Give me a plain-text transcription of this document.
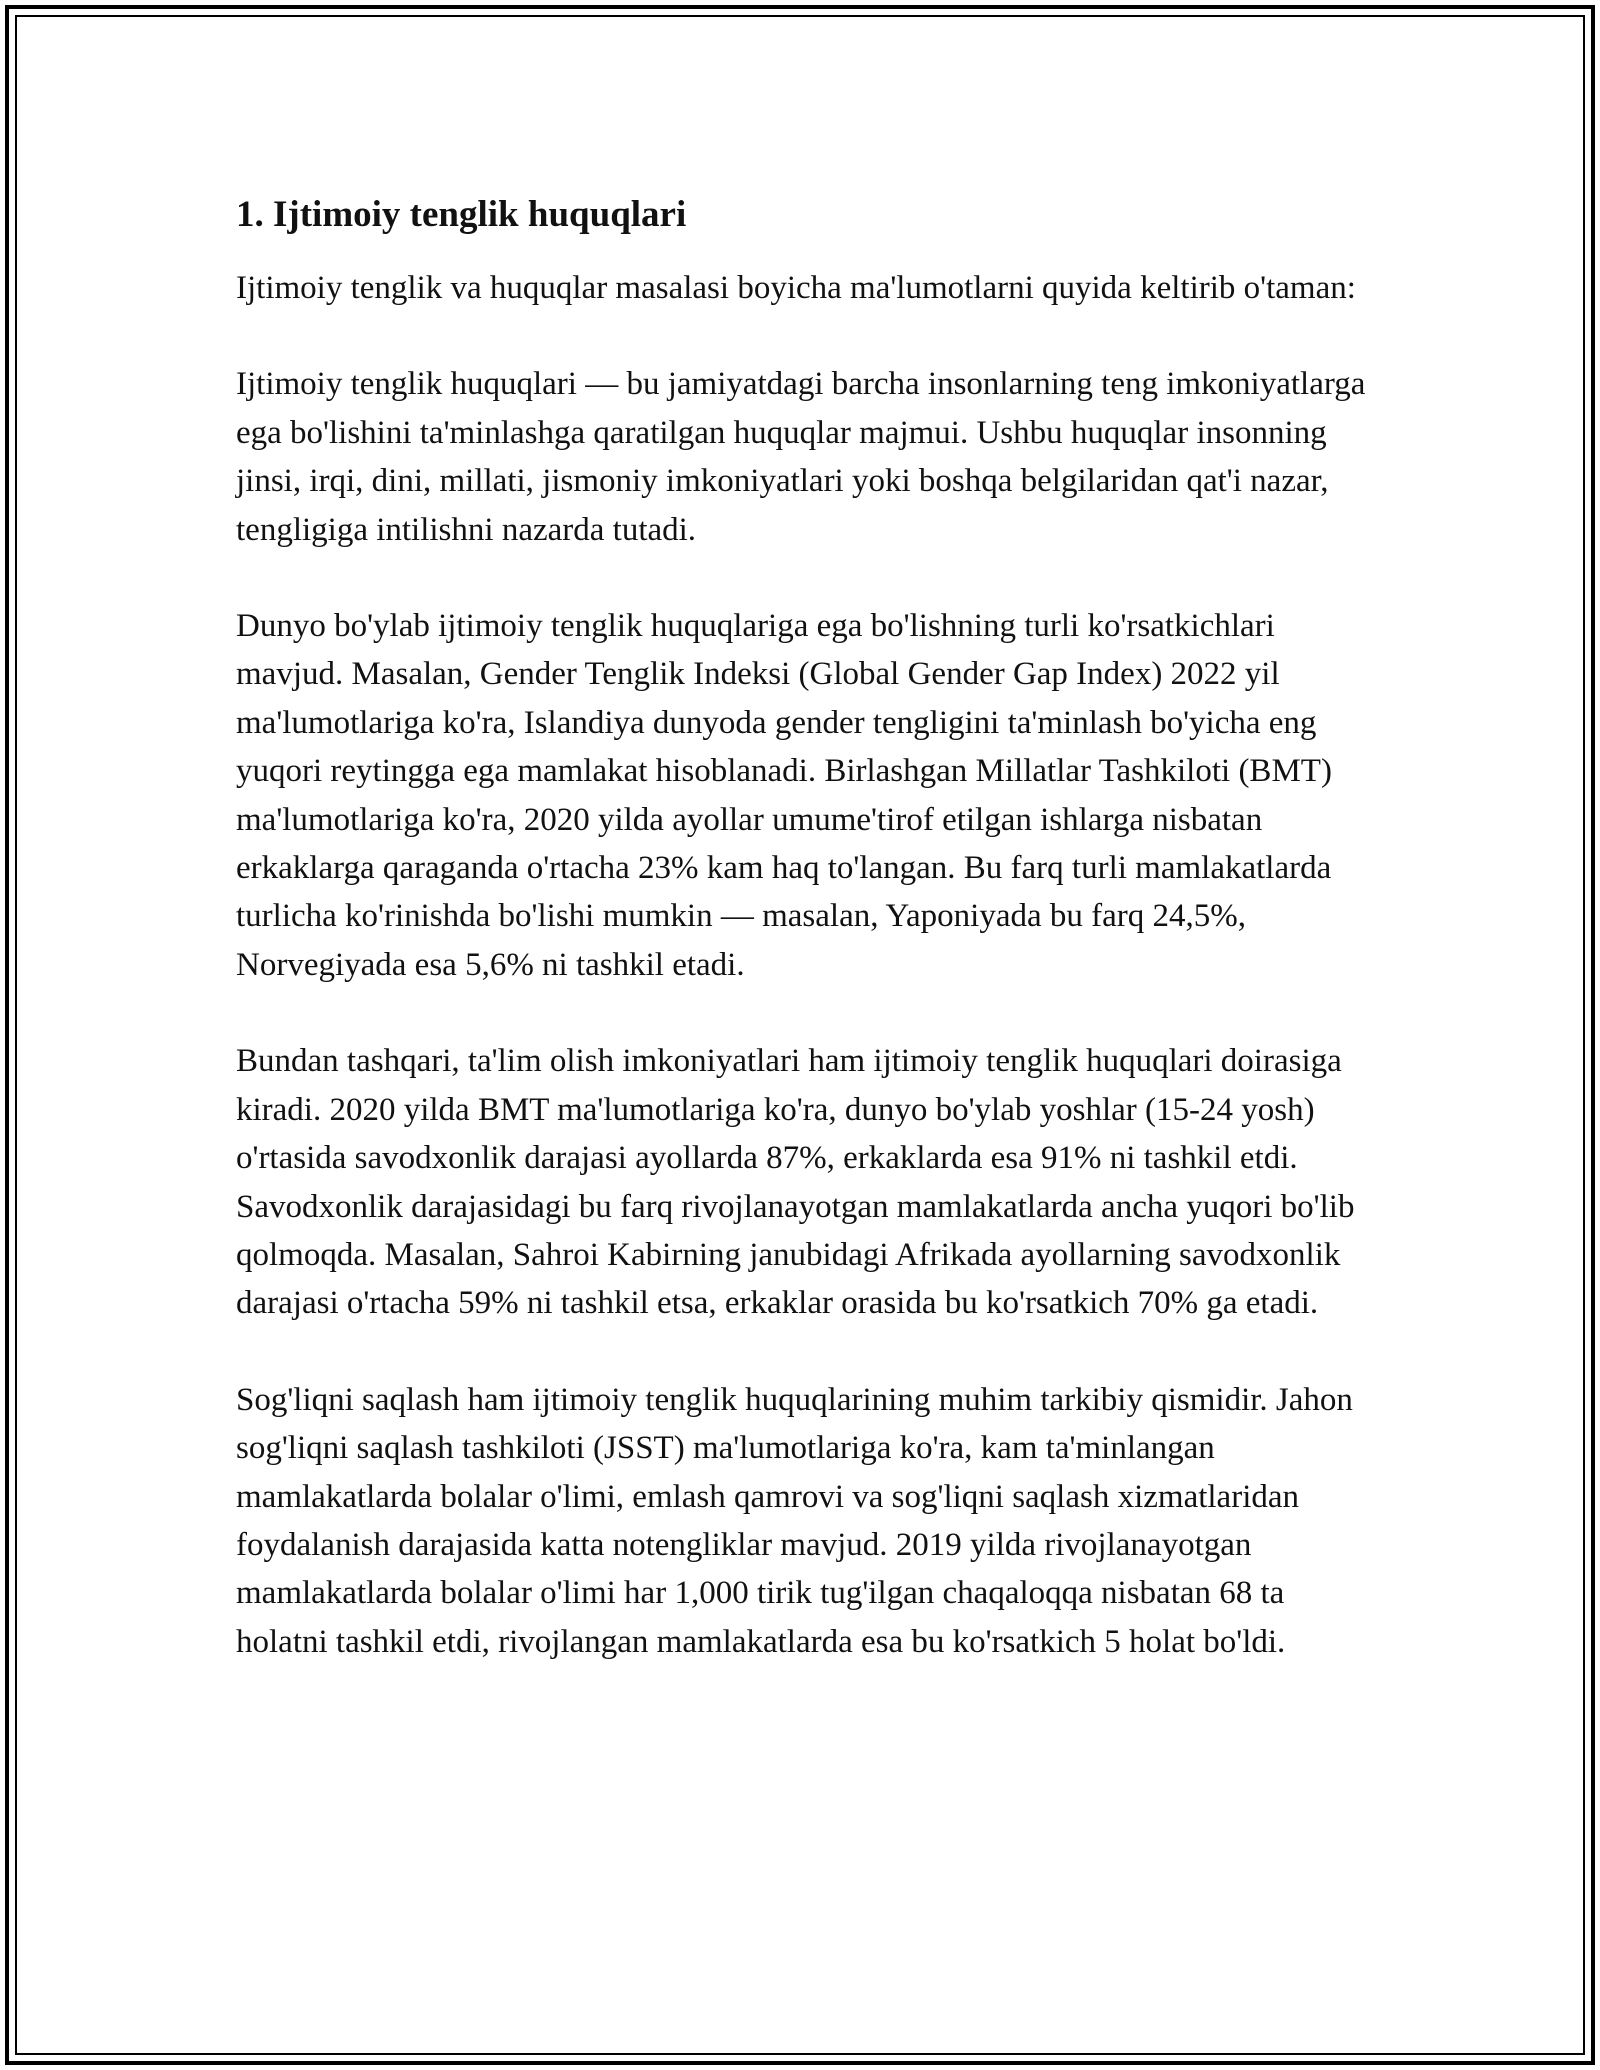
1. Ijtimoiy tenglik huquqlari

Ijtimoiy tenglik va huquqlar masalasi boyicha ma'lumotlarni quyida keltirib o'taman:

Ijtimoiy tenglik huquqlari — bu jamiyatdagi barcha insonlarning teng imkoniyatlarga ega bo'lishini ta'minlashga qaratilgan huquqlar majmui. Ushbu huquqlar insonning jinsi, irqi, dini, millati, jismoniy imkoniyatlari yoki boshqa belgilaridan qat'i nazar, tengligiga intilishni nazarda tutadi.

Dunyo bo'ylab ijtimoiy tenglik huquqlariga ega bo'lishning turli ko'rsatkichlari mavjud. Masalan, Gender Tenglik Indeksi (Global Gender Gap Index) 2022 yil ma'lumotlariga ko'ra, Islandiya dunyoda gender tengligini ta'minlash bo'yicha eng yuqori reytingga ega mamlakat hisoblanadi. Birlashgan Millatlar Tashkiloti (BMT) ma'lumotlariga ko'ra, 2020 yilda ayollar umume'tirof etilgan ishlarga nisbatan erkaklarga qaraganda o'rtacha 23% kam haq to'langan. Bu farq turli mamlakatlarda turlicha ko'rinishda bo'lishi mumkin — masalan, Yaponiyada bu farq 24,5%, Norvegiyada esa 5,6% ni tashkil etadi.

Bundan tashqari, ta'lim olish imkoniyatlari ham ijtimoiy tenglik huquqlari doirasiga kiradi. 2020 yilda BMT ma'lumotlariga ko'ra, dunyo bo'ylab yoshlar (15-24 yosh) o'rtasida savodxonlik darajasi ayollarda 87%, erkaklarda esa 91% ni tashkil etdi. Savodxonlik darajasidagi bu farq rivojlanayotgan mamlakatlarda ancha yuqori bo'lib qolmoqda. Masalan, Sahroi Kabirning janubidagi Afrikada ayollarning savodxonlik darajasi o'rtacha 59% ni tashkil etsa, erkaklar orasida bu ko'rsatkich 70% ga etadi.

Sog'liqni saqlash ham ijtimoiy tenglik huquqlarining muhim tarkibiy qismidir. Jahon sog'liqni saqlash tashkiloti (JSST) ma'lumotlariga ko'ra, kam ta'minlangan mamlakatlarda bolalar o'limi, emlash qamrovi va sog'liqni saqlash xizmatlaridan foydalanish darajasida katta notengliklar mavjud. 2019 yilda rivojlanayotgan mamlakatlarda bolalar o'limi har 1,000 tirik tug'ilgan chaqaloqqa nisbatan 68 ta holatni tashkil etdi, rivojlangan mamlakatlarda esa bu ko'rsatkich 5 holat bo'ldi.
